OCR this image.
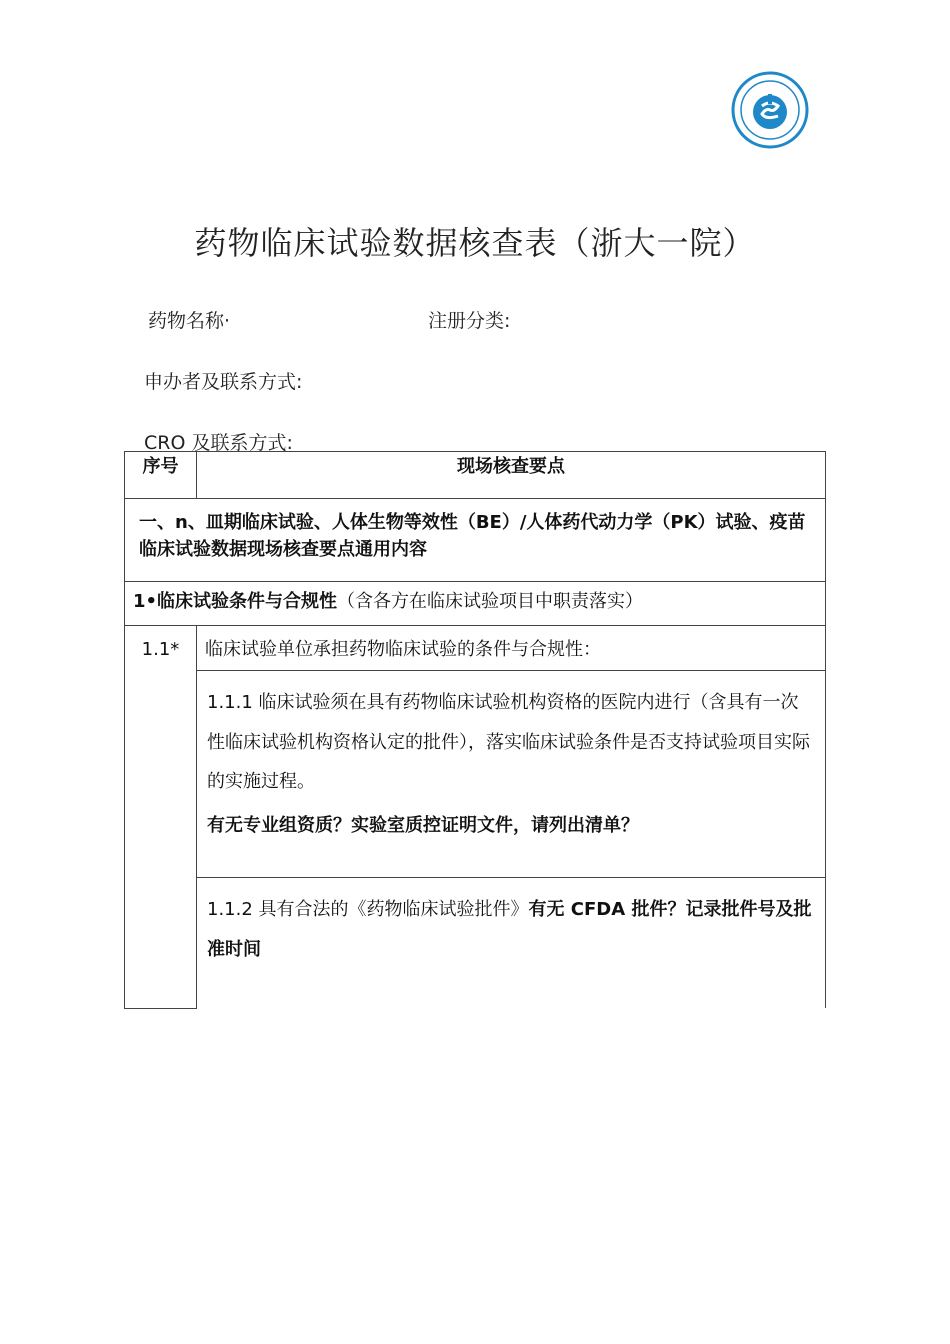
药物临床试验数据核查表（浙大一院）
药物名称·	注册分类:
申办者及联系方式:
CRO 及联系方式:
序号	现场核查要点
一、n、皿期临床试验、人体生物等效性（BE）/人体药代动力学（PK）试验、疫苗临床试验数据现场核查要点通用内容	
1•临床试验条件与合规性（含各方在临床试验项目中职责落实）	
1.1*	临床试验单位承担药物临床试验的条件与合规性：
	1.1.1 临床试验须在具有药物临床试验机构资格的医院内进行（含具有一次性临床试验机构资格认定的批件），落实临床试验条件是否支持试验项目实际的实施过程。
有无专业组资质？实验室质控证明文件，请列出清单？

	1.1.2 具有合法的《药物临床试验批件》有无 CFDA 批件？记录批件号及批准时间
